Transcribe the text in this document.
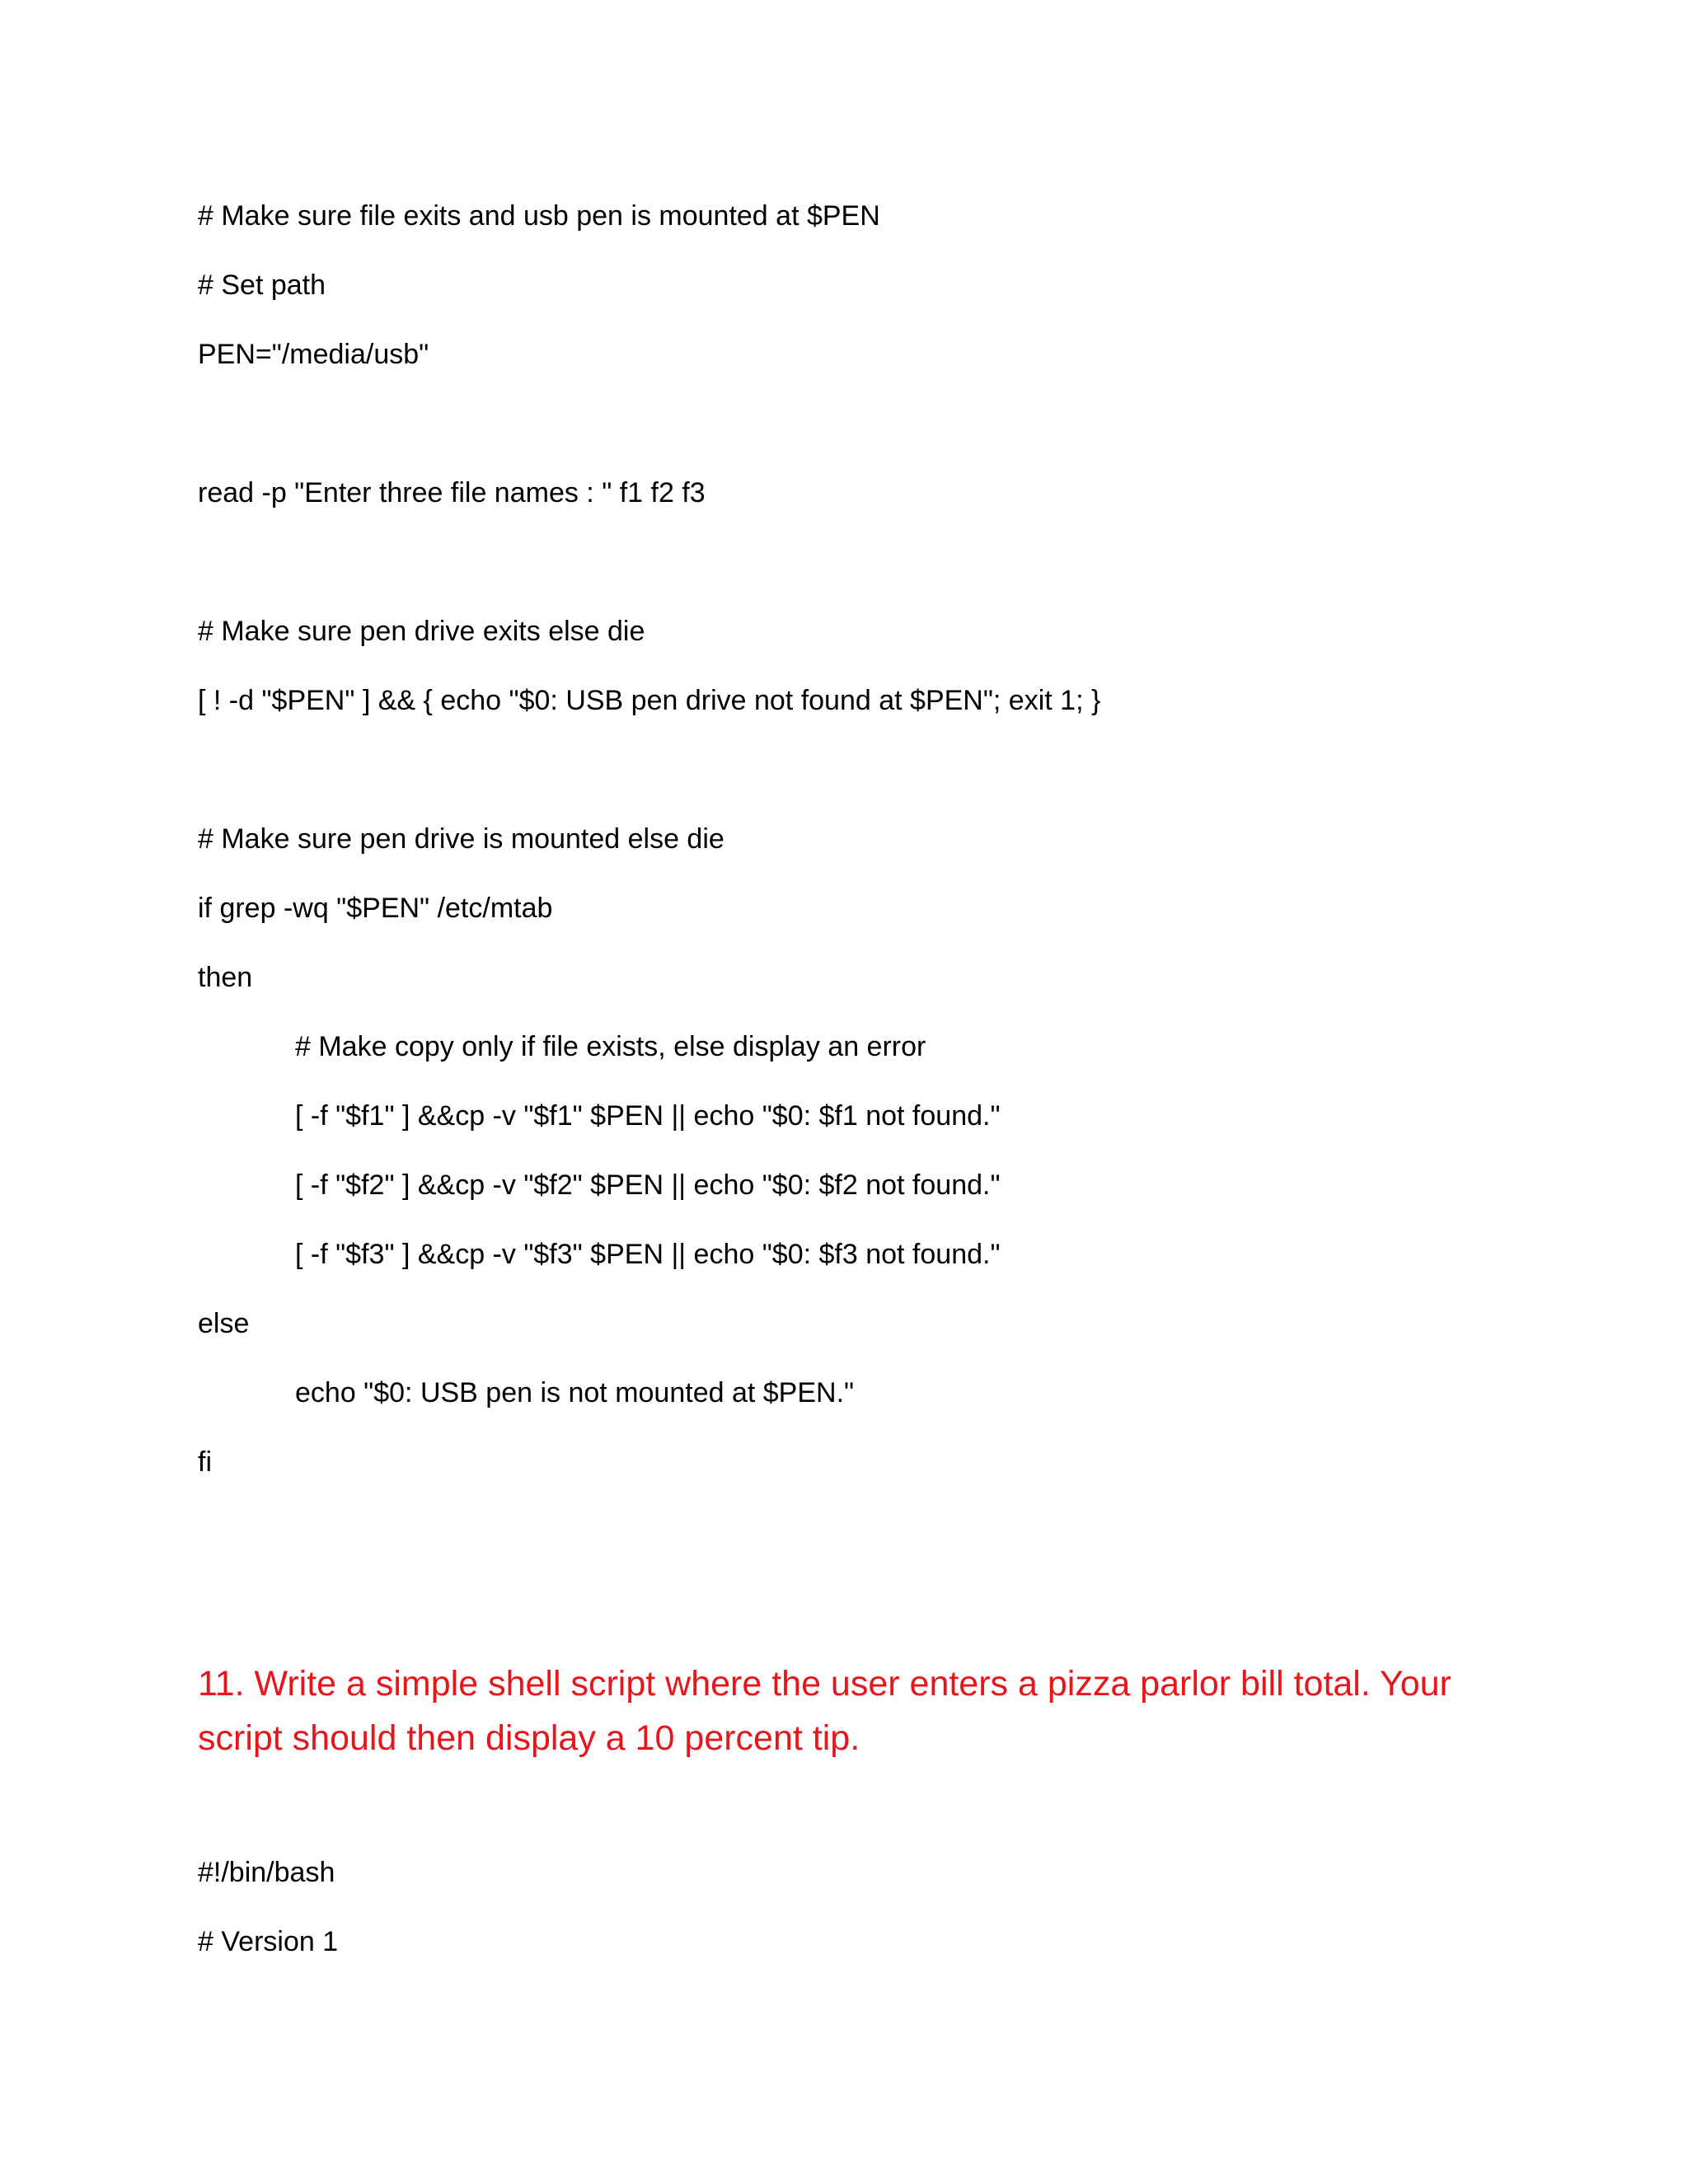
# Make sure file exits and usb pen is mounted at $PEN
# Set path
PEN="/media/usb"
read -p "Enter three file names : " f1 f2 f3
# Make sure pen drive exits else die
[ ! -d "$PEN" ] && { echo "$0: USB pen drive not found at $PEN"; exit 1; }
# Make sure pen drive is mounted else die
if grep -wq "$PEN" /etc/mtab
then
# Make copy only if file exists, else display an error
[ -f "$f1" ] &&cp -v "$f1" $PEN || echo "$0: $f1 not found."
[ -f "$f2" ] &&cp -v "$f2" $PEN || echo "$0: $f2 not found."
[ -f "$f3" ] &&cp -v "$f3" $PEN || echo "$0: $f3 not found."
else
echo "$0: USB pen is not mounted at $PEN."
fi
11. Write a simple shell script where the user enters a pizza parlor bill total. Your script should then display a 10 percent tip.
#!/bin/bash
# Version 1
